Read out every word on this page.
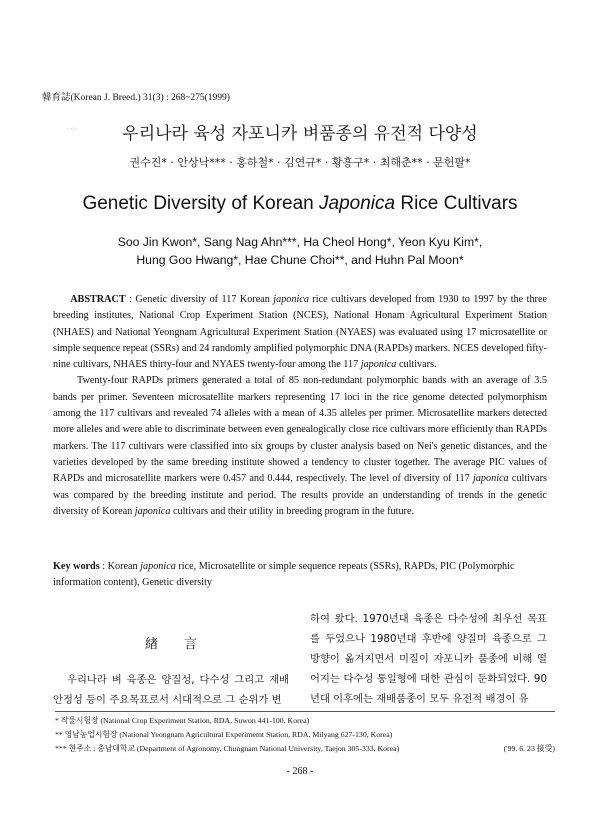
韓育誌(Korean J. Breed.) 31(3) : 268~275(1999)
· ·:·	우리나라 육성 자포니카 벼품종의 유전적 다양성
권수진* · 안상낙*** · 홍하철* · 김연규* · 황흥구* · 최해춘** · 문헌팔*
Genetic Diversity of Korean Japonica Rice Cultivars
Soo Jin Kwon*, Sang Nag Ahn***, Ha Cheol Hong*, Yeon Kyu Kim*,
Hung Goo Hwang*, Hae Chune Choi**, and Huhn Pal Moon*

ABSTRACT : Genetic diversity of 117 Korean japonica rice cultivars developed from 1930 to 1997 by the three breeding institutes, National Crop Experiment Station (NCES), National Honam Agricultural Experiment Station (NHAES) and National Yeongnam Agricultural Experiment Station (NYAES) was evaluated using 17 microsatellite or simple sequence repeat (SSRs) and 24 randomly amplified polymorphic DNA (RAPDs) markers. NCES developed fifty-nine cultivars, NHAES thirty-four and NYAES twenty-four among the 117 japonica cultivars.

Twenty-four RAPDs primers generated a total of 85 non-redundant polymorphic bands with an average of 3.5 bands per primer. Seventeen microsatellite markers representing 17 loci in the rice genome detected polymorphism among the 117 cultivars and revealed 74 alleles with a mean of 4.35 alleles per primer. Microsatellite markers detected more alleles and were able to discriminate between even genealogically close rice cultivars more efficiently than RAPDs markers. The 117 cultivars were classified into six groups by cluster analysis based on Nei's genetic distances, and the varieties developed by the same breeding institute showed a tendency to cluster together. The average PIC values of RAPDs and microsatellite markers were 0.457 and 0.444, respectively. The level of diversity of 117 japonica cultivars was compared by the breeding institute and period. The results provide an understanding of trends in the genetic diversity of Korean japonica cultivars and their utility in breeding program in the future.

Key words : Korean japonica rice, Microsatellite or simple sequence repeats (SSRs), RAPDs, PIC (Polymorphic information content), Genetic diversity
緖言

우리나라 벼 육종은 양질성, 다수성 그리고 재배 안정성 등이 주요목표로서 시대적으로 그 순위가 변

하여 왔다. 1970년대 육종은 다수성에 최우선 목표를 두었으나 1980년대 후반에 양질미 육종으로 그 방향이 옮겨지면서 미질이 자포니카 품종에 비해 떨어지는 다수성 통일형에 대한 관심이 둔화되었다. 90년대 이후에는 재배품종이 모두 유전적 배경이 유
* 작물시험장 (National Crop Experiment Station, RDA, Suwon 441-100, Korea)
** 영남농업시험장 (National Yeongnam Agricultural Experimemt Station, RDA, Milyang 627-130, Korea)
*** 현주소 : 충남대학교 (Department of Agronomy, Chungnam National University, Taejon 305-333, Korea)	('99. 6. 23 接受)
- 268 -
